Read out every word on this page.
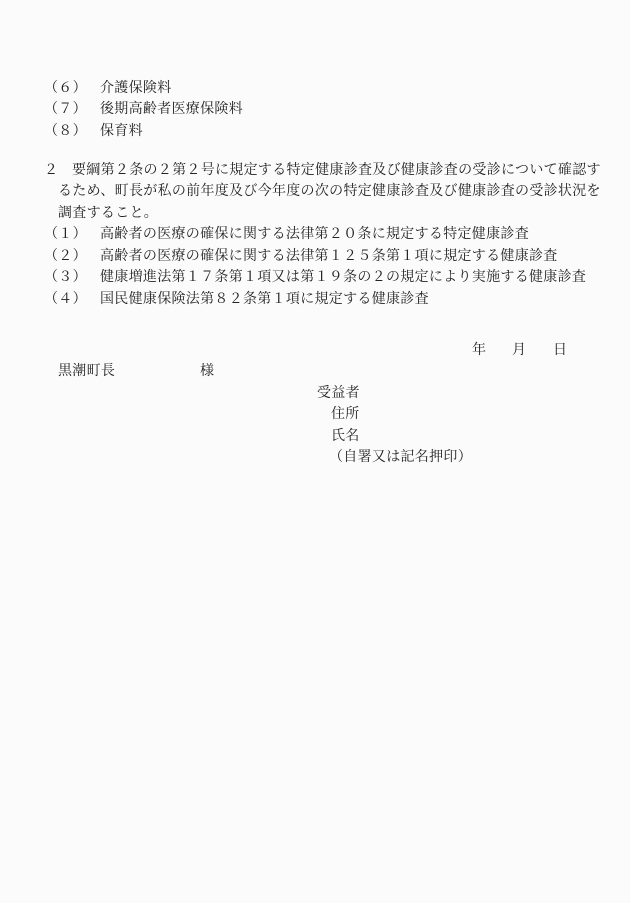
（６） 介護保険料
（７） 後期高齢者医療保険料
（８） 保育料
２ 要綱第２条の２第２号に規定する特定健康診査及び健康診査の受診について確認す
るため、町長が私の前年度及び今年度の次の特定健康診査及び健康診査の受診状況を
調査すること。
（１） 高齢者の医療の確保に関する法律第２０条に規定する特定健康診査
（２） 高齢者の医療の確保に関する法律第１２５条第１項に規定する健康診査
（３） 健康増進法第１７条第１項又は第１９条の２の規定により実施する健康診査
（４） 国民健康保険法第８２条第１項に規定する健康診査
年 月 日
黒潮町長	様
受益者
住所
氏名
（自署又は記名押印）
